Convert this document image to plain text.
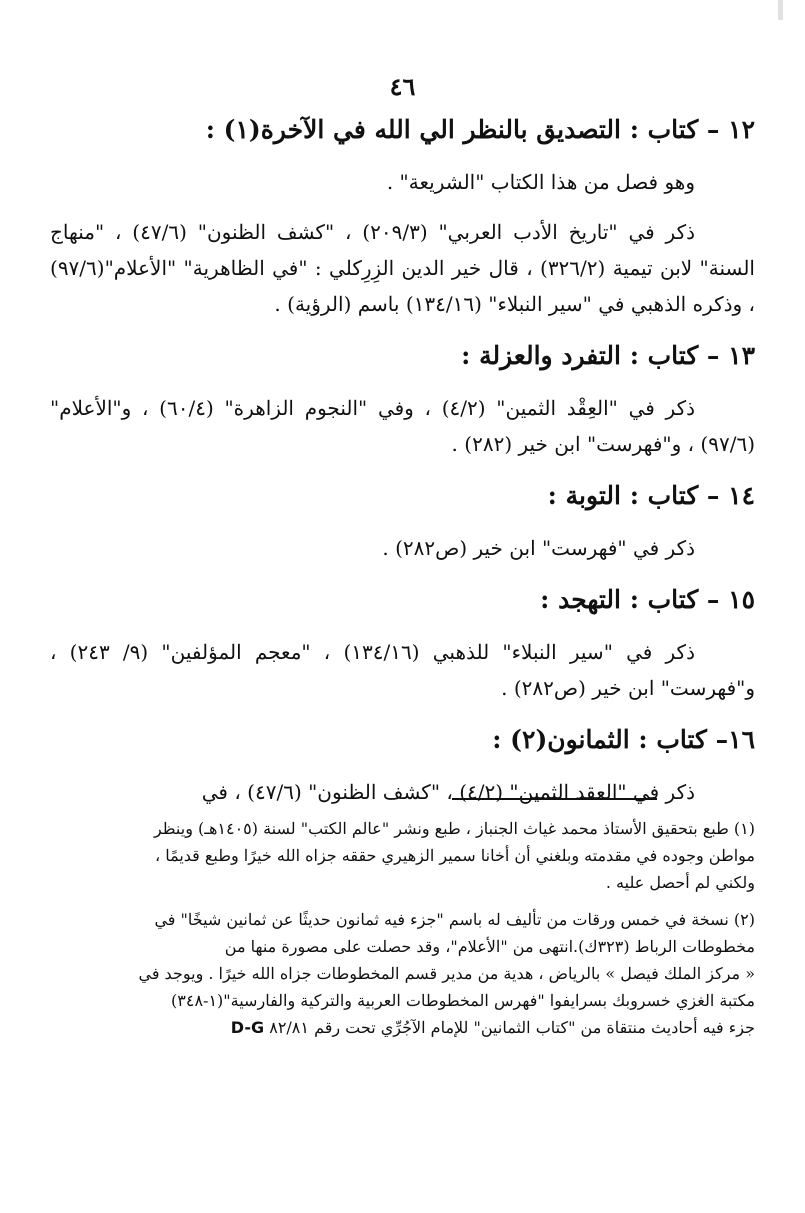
٤٦
١٢ – كتاب : التصديق بالنظر الي الله في الآخرة(١) :
وهو فصل من هذا الكتاب "الشريعة" .
ذكر في "تاريخ الأدب العربي" (٢٠٩/٣) ، "كشف الظنون" (٤٧/٦) ، "منهاج السنة" لابن تيمية (٣٢٦/٢) ، قال خير الدين الزِرِكلي : "في الظاهرية" "الأعلام"(٩٧/٦) ، وذكره الذهبي في "سير النبلاء" (١٣٤/١٦) باسم (الرؤية) .
١٣ – كتاب : التفرد والعزلة :
ذكر في "العِقْد الثمين" (٤/٢) ، وفي "النجوم الزاهرة" (٦٠/٤) ، و"الأعلام" (٩٧/٦) ، و"فهرست" ابن خير (٢٨٢) .
١٤ – كتاب : التوبة :
ذكر في "فهرست" ابن خير (ص٢٨٢) .
١٥ – كتاب : التهجد :
ذكر في "سير النبلاء" للذهبي (١٣٤/١٦) ، "معجم المؤلفين" (٩/ ٢٤٣) ، و"فهرست" ابن خير (ص٢٨٢) .
١٦– كتاب : الثمانون(٢) :
ذكر في "العقد الثمين" (٤/٢) ، "كشف الظنون" (٤٧/٦) ، في
(١) طبع بتحقيق الأستاذ محمد غياث الجنباز ، طبع ونشر "عالم الكتب" لسنة (١٤٠٥هـ) وينظر
مواطن وجوده في مقدمته وبلغني أن أخانا سمير الزهيري حققه جزاه الله خيرًا وطبع قديمًا ،
ولكني لم أحصل عليه .
(٢) نسخة في خمس ورقات من تأليف له باسم "جزء فيه ثمانون حديثًا عن ثمانين شيخًا" في
مخطوطات الرباط (٣٢٣ك).انتهى من "الأعلام"، وقد حصلت على مصورة منها من
« مركز الملك فيصل » بالرياض ، هدية من مدير قسم المخطوطات جزاه الله خيرًا . ويوجد في
مكتبة الغزي خسروبك بسرايفوا "فهرس المخطوطات العربية والتركية والفارسية"(١-٣٤٨)
جزء فيه أحاديث منتقاة من "كتاب الثمانين" للإمام الآجُرِّي تحت رقم ٨٢/٨١ D-G
